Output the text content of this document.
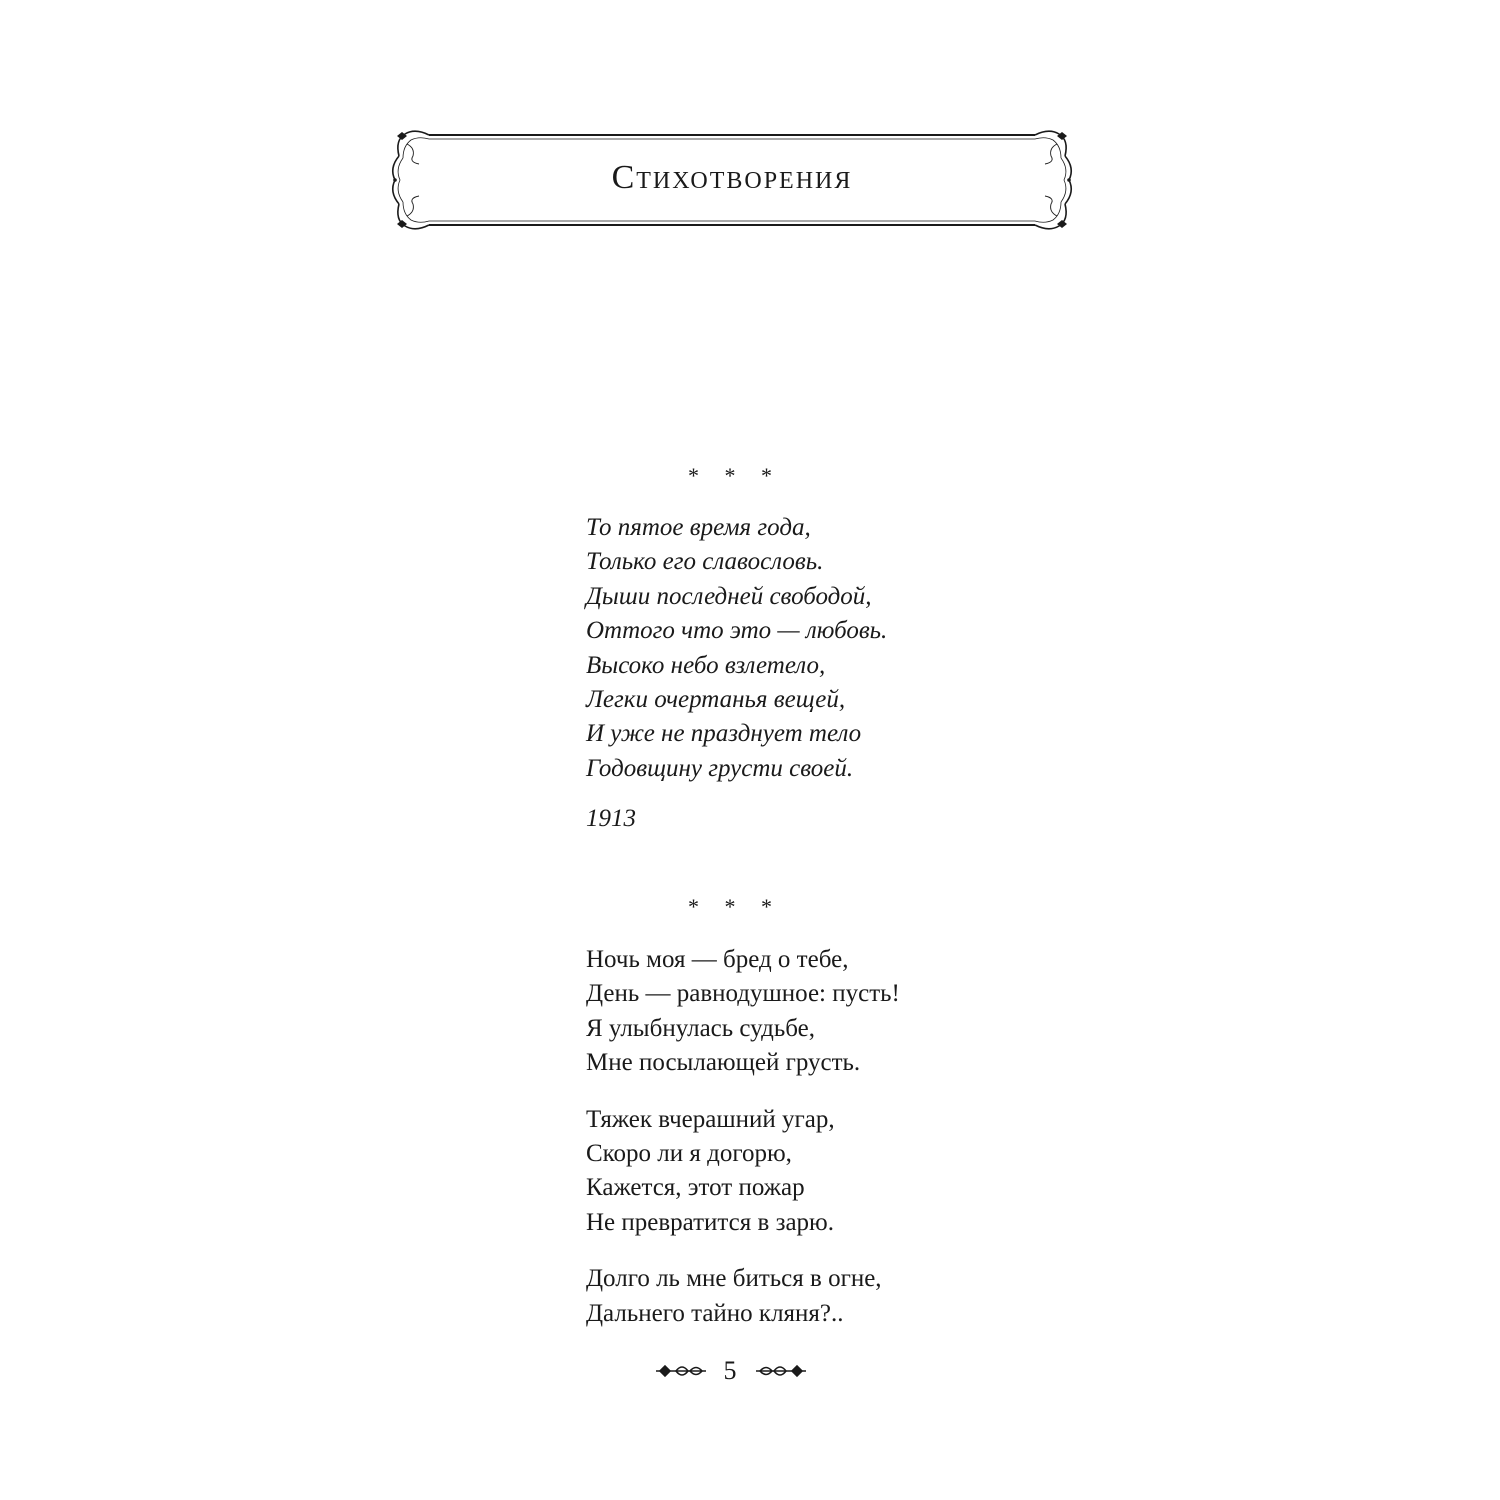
Стихотворения
* * *
То пятое время года,
Только его славословь.
Дыши последней свободой,
Оттого что это — любовь.
Высоко небо взлетело,
Легки очертанья вещей,
И уже не празднует тело
Годовщину грусти своей.
1913
* * *
Ночь моя — бред о тебе,
День — равнодушное: пусть!
Я улыбнулась судьбе,
Мне посылающей грусть.
Тяжек вчерашний угар,
Скоро ли я догорю,
Кажется, этот пожар
Не превратится в зарю.
Долго ль мне биться в огне,
Дальнего тайно кляня?..
5
